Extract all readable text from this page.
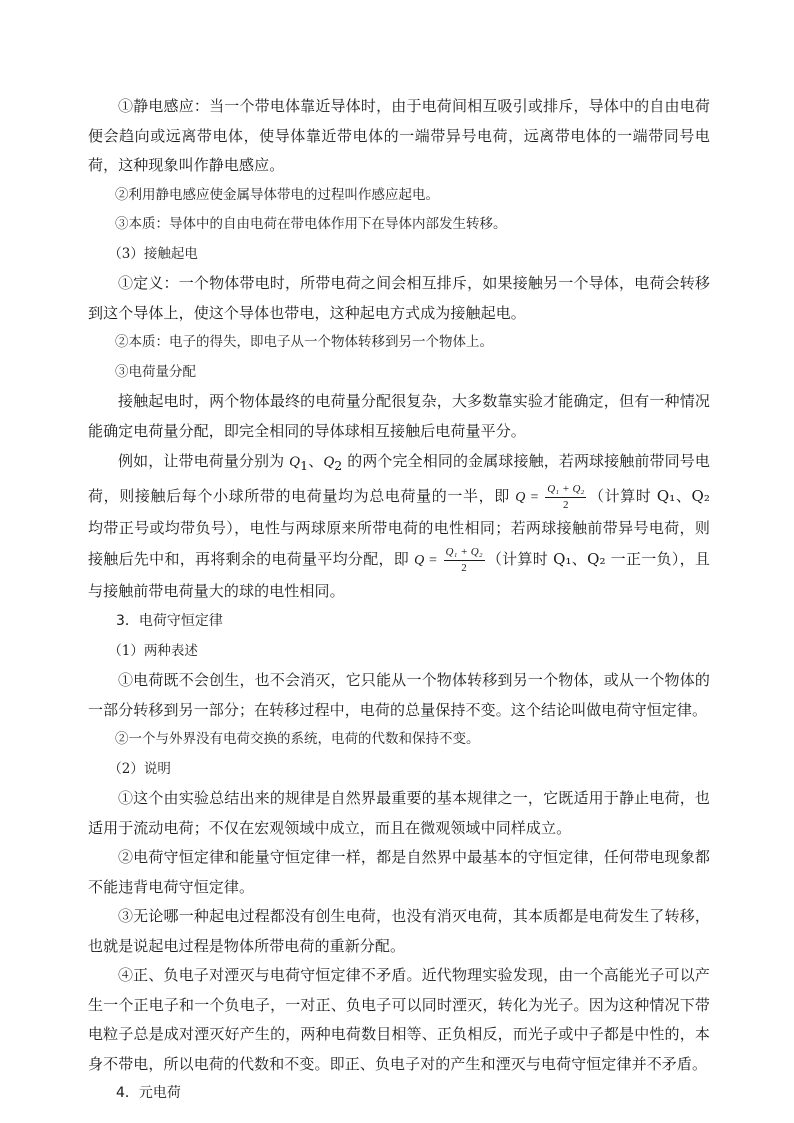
①静电感应：当一个带电体靠近导体时，由于电荷间相互吸引或排斥，导体中的自由电荷便会趋向或远离带电体，使导体靠近带电体的一端带异号电荷，远离带电体的一端带同号电荷，这种现象叫作静电感应。

②利用静电感应使金属导体带电的过程叫作感应起电。

③本质：导体中的自由电荷在带电体作用下在导体内部发生转移。

（3）接触起电

①定义：一个物体带电时，所带电荷之间会相互排斥，如果接触另一个导体，电荷会转移到这个导体上，使这个导体也带电，这种起电方式成为接触起电。

②本质：电子的得失，即电子从一个物体转移到另一个物体上。

③电荷量分配

接触起电时，两个物体最终的电荷量分配很复杂，大多数靠实验才能确定，但有一种情况能确定电荷量分配，即完全相同的导体球相互接触后电荷量平分。

例如，让带电荷量分别为 $Q_1$、$Q_2$ 的两个完全相同的金属球接触，若两球接触前带同号电荷，则接触后每个小球所带的电荷量均为总电荷量的一半，即 $Q = \frac{\text{Q₁ + Q₂}}{2}$ （计算时 Q₁、Q₂ 均带正号或均带负号），电性与两球原来所带电荷的电性相同；若两球接触前带异号电荷，则接触后先中和，再将剩余的电荷量平均分配，即 $Q = \frac{\text{Q₁ + Q₂}}{2}$ （计算时 Q₁、Q₂ 一正一负），且与接触前带电荷量大的球的电性相同。

3．电荷守恒定律

（1）两种表述

①电荷既不会创生，也不会消灭，它只能从一个物体转移到另一个物体，或从一个物体的一部分转移到另一部分；在转移过程中，电荷的总量保持不变。这个结论叫做电荷守恒定律。

②一个与外界没有电荷交换的系统，电荷的代数和保持不变。

（2）说明

①这个由实验总结出来的规律是自然界最重要的基本规律之一，它既适用于静止电荷，也适用于流动电荷；不仅在宏观领域中成立，而且在微观领域中同样成立。

②电荷守恒定律和能量守恒定律一样，都是自然界中最基本的守恒定律，任何带电现象都不能违背电荷守恒定律。

③无论哪一种起电过程都没有创生电荷，也没有消灭电荷，其本质都是电荷发生了转移，也就是说起电过程是物体所带电荷的重新分配。

④正、负电子对湮灭与电荷守恒定律不矛盾。近代物理实验发现，由一个高能光子可以产生一个正电子和一个负电子，一对正、负电子可以同时湮灭，转化为光子。因为这种情况下带电粒子总是成对湮灭好产生的，两种电荷数目相等、正负相反，而光子或中子都是中性的，本身不带电，所以电荷的代数和不变。即正、负电子对的产生和湮灭与电荷守恒定律并不矛盾。

4．元电荷
